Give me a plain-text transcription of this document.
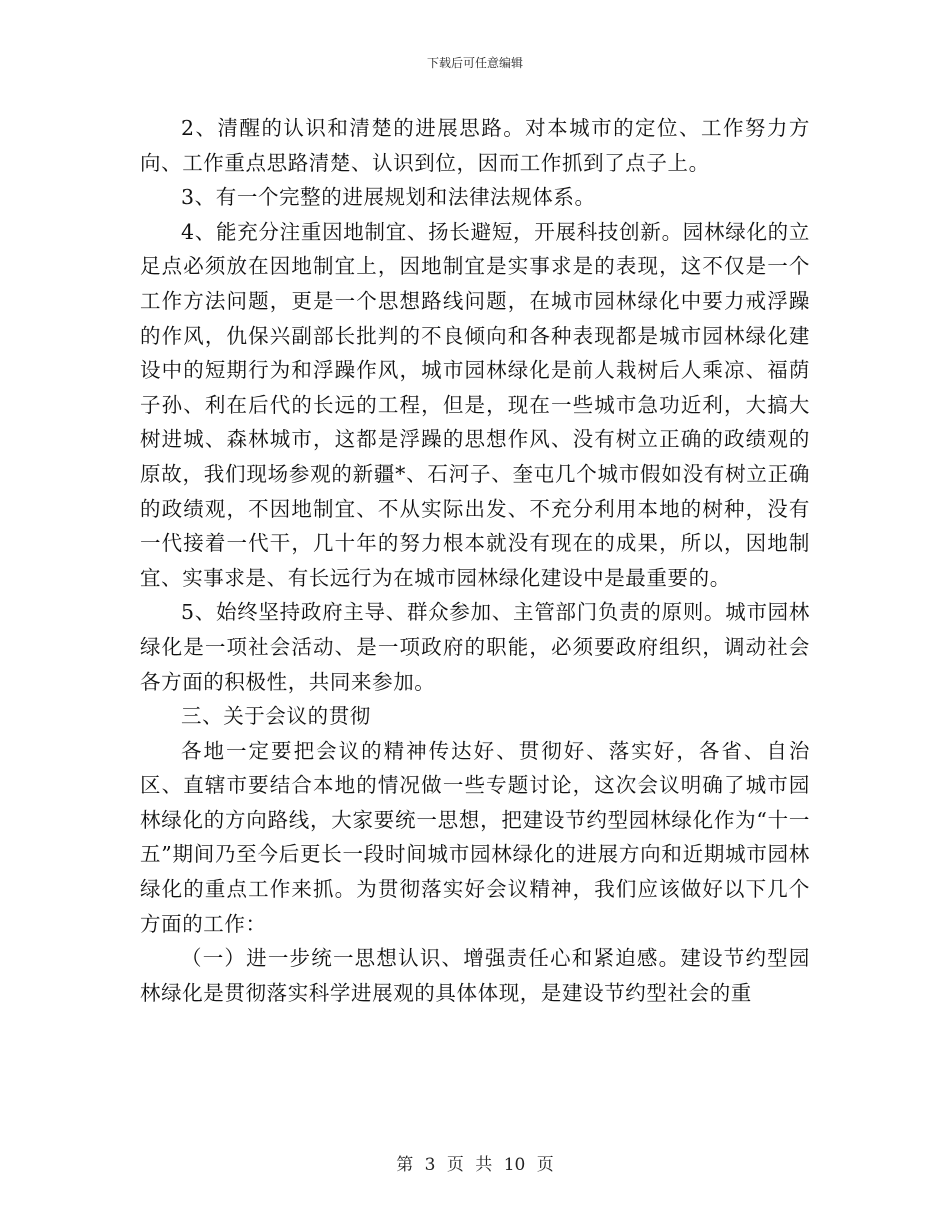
下载后可任意编辑

2、清醒的认识和清楚的进展思路。对本城市的定位、工作努力方向、工作重点思路清楚、认识到位，因而工作抓到了点子上。

3、有一个完整的进展规划和法律法规体系。

4、能充分注重因地制宜、扬长避短，开展科技创新。园林绿化的立足点必须放在因地制宜上，因地制宜是实事求是的表现，这不仅是一个工作方法问题，更是一个思想路线问题，在城市园林绿化中要力戒浮躁的作风，仇保兴副部长批判的不良倾向和各种表现都是城市园林绿化建设中的短期行为和浮躁作风，城市园林绿化是前人栽树后人乘凉、福荫子孙、利在后代的长远的工程，但是，现在一些城市急功近利，大搞大树进城、森林城市，这都是浮躁的思想作风、没有树立正确的政绩观的原故，我们现场参观的新疆*、石河子、奎屯几个城市假如没有树立正确的政绩观，不因地制宜、不从实际出发、不充分利用本地的树种，没有一代接着一代干，几十年的努力根本就没有现在的成果，所以，因地制宜、实事求是、有长远行为在城市园林绿化建设中是最重要的。

5、始终坚持政府主导、群众参加、主管部门负责的原则。城市园林绿化是一项社会活动、是一项政府的职能，必须要政府组织，调动社会各方面的积极性，共同来参加。

三、关于会议的贯彻

各地一定要把会议的精神传达好、贯彻好、落实好，各省、自治区、直辖市要结合本地的情况做一些专题讨论，这次会议明确了城市园林绿化的方向路线，大家要统一思想，把建设节约型园林绿化作为“十一五”期间乃至今后更长一段时间城市园林绿化的进展方向和近期城市园林绿化的重点工作来抓。为贯彻落实好会议精神，我们应该做好以下几个方面的工作：

（一）进一步统一思想认识、增强责任心和紧迫感。建设节约型园林绿化是贯彻落实科学进展观的具体体现，是建设节约型社会的重

第 3 页 共 10 页
